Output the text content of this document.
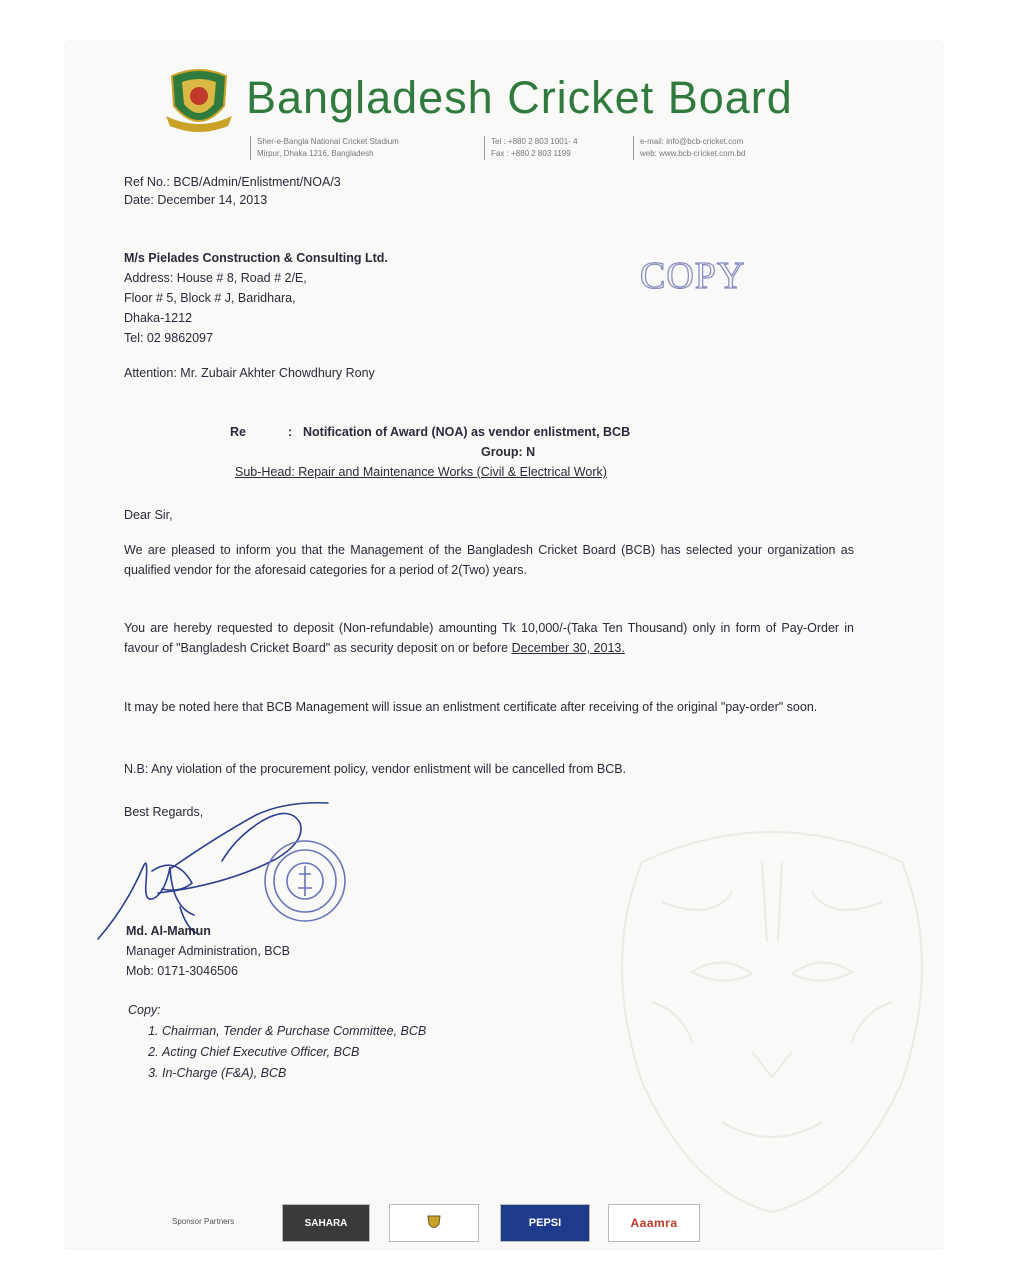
Bangladesh Cricket Board
Sher-e-Bangla National Cricket Stadium
Mirpur, Dhaka 1216, Bangladesh
Tel : +880 2 803 1001- 4
Fax : +880 2 803 1199
e-mail: info@bcb-cricket.com
web: www.bcb-cricket.com.bd
Ref No.: BCB/Admin/Enlistment/NOA/3
Date: December 14, 2013
M/s Pielades Construction & Consulting Ltd.
Address: House # 8, Road # 2/E,
Floor # 5, Block # J, Baridhara,
Dhaka-1212
Tel: 02 9862097
COPY
Attention: Mr. Zubair Akhter Chowdhury Rony
Re	: Notification of Award (NOA) as vendor enlistment, BCB
Group: N
Sub-Head: Repair and Maintenance Works (Civil & Electrical Work)
Dear Sir,

We are pleased to inform you that the Management of the Bangladesh Cricket Board (BCB) has selected your organization as qualified vendor for the aforesaid categories for a period of 2(Two) years.

You are hereby requested to deposit (Non-refundable) amounting Tk 10,000/-(Taka Ten Thousand) only in form of Pay-Order in favour of "Bangladesh Cricket Board" as security deposit on or before December 30, 2013.

It may be noted here that BCB Management will issue an enlistment certificate after receiving of the original "pay-order" soon.

N.B: Any violation of the procurement policy, vendor enlistment will be cancelled from BCB.

Best Regards,
Md. Al-Mamun
Manager Administration, BCB
Mob: 0171-3046506
Copy:
1. Chairman, Tender & Purchase Committee, BCB
2. Acting Chief Executive Officer, BCB
3. In-Charge (F&A), BCB
Sponsor Partners	SAHARA	PEPSI	Aaamra
